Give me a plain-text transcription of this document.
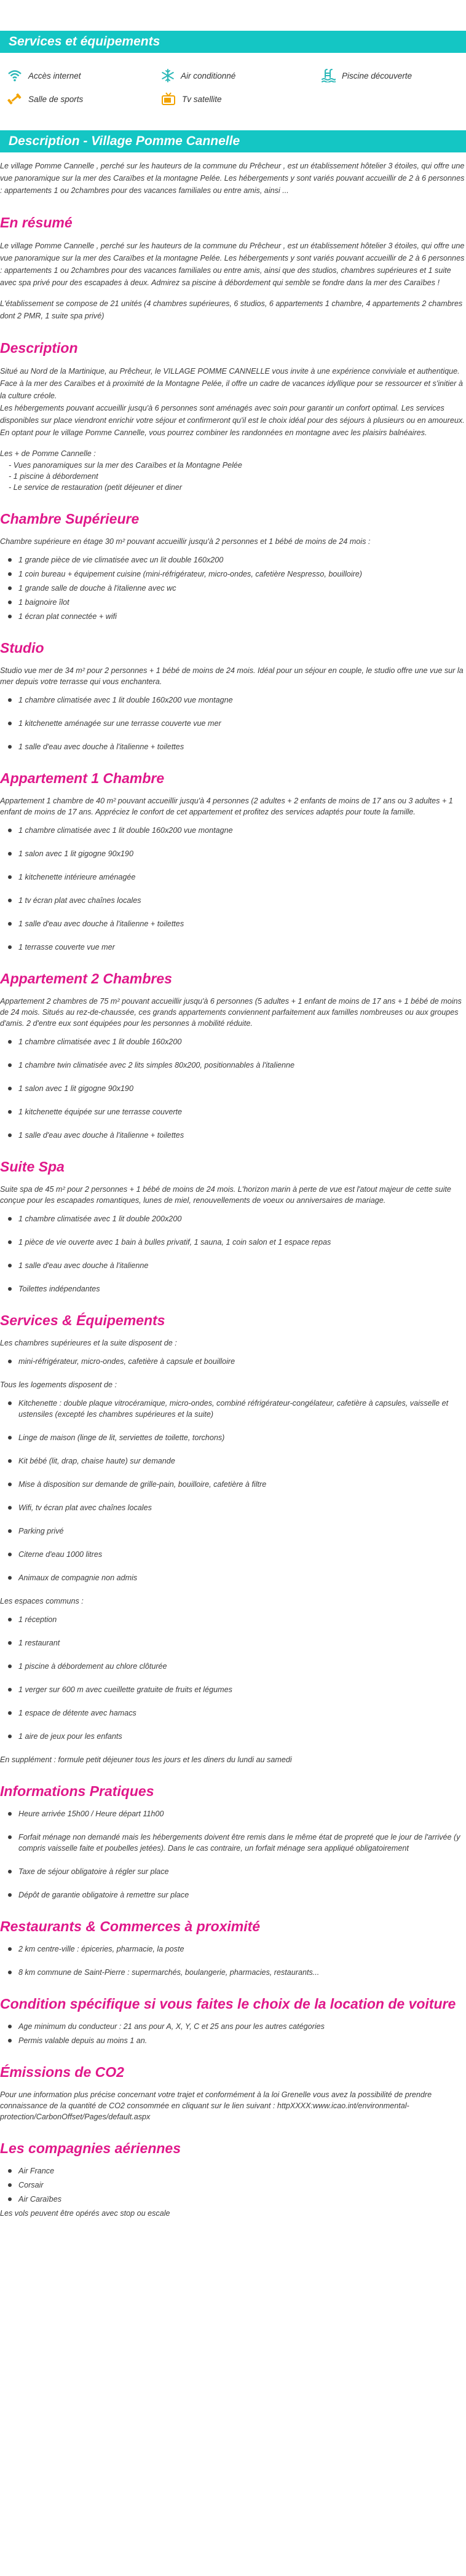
Services et équipements
Accès internet	Air conditionné	Piscine découverte
Salle de sports	Tv satellite
Description - Village Pomme Cannelle

Le village Pomme Cannelle , perché sur les hauteurs de la commune du Prêcheur , est un établissement hôtelier 3 étoiles, qui offre une vue panoramique sur la mer des Caraïbes et la montagne Pelée. Les hébergements y sont variés pouvant accueillir de 2 à 6 personnes : appartements 1 ou 2chambres pour des vacances familiales ou entre amis, ainsi ...

En résumé

Le village Pomme Cannelle , perché sur les hauteurs de la commune du Prêcheur , est un établissement hôtelier 3 étoiles, qui offre une vue panoramique sur la mer des Caraïbes et la montagne Pelée. Les hébergements y sont variés pouvant accueillir de 2 à 6 personnes : appartements 1 ou 2chambres pour des vacances familiales ou entre amis, ainsi que des studios, chambres supérieures et 1 suite avec spa privé pour des escapades à deux. Admirez sa piscine à débordement qui semble se fondre dans la mer des Caraïbes !

L'établissement se compose de 21 unités (4 chambres supérieures, 6 studios, 6 appartements 1 chambre, 4 appartements 2 chambres dont 2 PMR, 1 suite spa privé)

Description

Situé au Nord de la Martinique, au Prêcheur, le VILLAGE POMME CANNELLE vous invite à une expérience conviviale et authentique. Face à la mer des Caraïbes et à proximité de la Montagne Pelée, il offre un cadre de vacances idyllique pour se ressourcer et s'initier à la culture créole.

Les hébergements pouvant accueillir jusqu'à 6 personnes sont aménagés avec soin pour garantir un confort optimal. Les services disponibles sur place viendront enrichir votre séjour et confirmeront qu'il est le choix idéal pour des séjours à plusieurs ou en amoureux. En optant pour le village Pomme Cannelle, vous pourrez combiner les randonnées en montagne avec les plaisirs balnéaires.

Les + de Pomme Cannelle :

- Vues panoramiques sur la mer des Caraïbes et la Montagne Pelée
- 1 piscine à débordement
- Le service de restauration (petit déjeuner et diner
Chambre Supérieure

Chambre supérieure en étage 30 m² pouvant accueillir jusqu'à 2 personnes et 1 bébé de moins de 24 mois :

1 grande pièce de vie climatisée avec un lit double 160x200
1 coin bureau + équipement cuisine (mini-réfrigérateur, micro-ondes, cafetière Nespresso, bouilloire)
1 grande salle de douche à l'italienne avec wc
1 baignoire îlot
1 écran plat connectée + wifi
Studio

Studio vue mer de 34 m² pour 2 personnes + 1 bébé de moins de 24 mois. Idéal pour un séjour en couple, le studio offre une vue sur la mer depuis votre terrasse qui vous enchantera.

1 chambre climatisée avec 1 lit double 160x200 vue montagne
1 kitchenette aménagée sur une terrasse couverte vue mer
1 salle d'eau avec douche à l'italienne + toilettes
Appartement 1 Chambre

Appartement 1 chambre de 40 m² pouvant accueillir jusqu'à 4 personnes (2 adultes + 2 enfants de moins de 17 ans ou 3 adultes + 1 enfant de moins de 17 ans. Appréciez le confort de cet appartement et profitez des services adaptés pour toute la famille.

1 chambre climatisée avec 1 lit double 160x200 vue montagne
1 salon avec 1 lit gigogne 90x190
1 kitchenette intérieure aménagée
1 tv écran plat avec chaînes locales
1 salle d'eau avec douche à l'italienne + toilettes
1 terrasse couverte vue mer
Appartement 2 Chambres

Appartement 2 chambres de 75 m² pouvant accueillir jusqu'à 6 personnes (5 adultes + 1 enfant de moins de 17 ans + 1 bébé de moins de 24 mois. Situés au rez-de-chaussée, ces grands appartements conviennent parfaitement aux familles nombreuses ou aux groupes d'amis. 2 d'entre eux sont équipées pour les personnes à mobilité réduite.

1 chambre climatisée avec 1 lit double 160x200
1 chambre twin climatisée avec 2 lits simples 80x200, positionnables à l'italienne
1 salon avec 1 lit gigogne 90x190
1 kitchenette équipée sur une terrasse couverte
1 salle d'eau avec douche à l'italienne + toilettes
Suite Spa

Suite spa de 45 m² pour 2 personnes + 1 bébé de moins de 24 mois. L'horizon marin à perte de vue est l'atout majeur de cette suite conçue pour les escapades romantiques, lunes de miel, renouvellements de voeux ou anniversaires de mariage.

1 chambre climatisée avec 1 lit double 200x200
1 pièce de vie ouverte avec 1 bain à bulles privatif, 1 sauna, 1 coin salon et 1 espace repas
1 salle d'eau avec douche à l'italienne
Toilettes indépendantes
Services & Équipements

Les chambres supérieures et la suite disposent de :

mini-réfrigérateur, micro-ondes, cafetière à capsule et bouilloire

Tous les logements disposent de :

Kitchenette : double plaque vitrocéramique, micro-ondes, combiné réfrigérateur-congélateur, cafetière à capsules, vaisselle et ustensiles (excepté les chambres supérieures et la suite)
Linge de maison (linge de lit, serviettes de toilette, torchons)
Kit bébé (lit, drap, chaise haute) sur demande
Mise à disposition sur demande de grille-pain, bouilloire, cafetière à filtre
Wifi, tv écran plat avec chaînes locales
Parking privé
Citerne d'eau 1000 litres
Animaux de compagnie non admis

Les espaces communs :

1 réception
1 restaurant
1 piscine à débordement au chlore clôturée
1 verger sur 600 m avec cueillette gratuite de fruits et légumes
1 espace de détente avec hamacs
1 aire de jeux pour les enfants

En supplément : formule petit déjeuner tous les jours et les diners du lundi au samedi

Informations Pratiques
Heure arrivée 15h00 / Heure départ 11h00
Forfait ménage non demandé mais les hébergements doivent être remis dans le même état de propreté que le jour de l'arrivée (y compris vaisselle faite et poubelles jetées). Dans le cas contraire, un forfait ménage sera appliqué obligatoirement
Taxe de séjour obligatoire à régler sur place
Dépôt de garantie obligatoire à remettre sur place
Restaurants & Commerces à proximité
2 km centre-ville : épiceries, pharmacie, la poste
8 km commune de Saint-Pierre : supermarchés, boulangerie, pharmacies, restaurants...
Condition spécifique si vous faites le choix de la location de voiture
Age minimum du conducteur : 21 ans pour A, X, Y, C et 25 ans pour les autres catégories
Permis valable depuis au moins 1 an.
Émissions de CO2

Pour une information plus précise concernant votre trajet et conformément à la loi Grenelle vous avez la possibilité de prendre connaissance de la quantité de CO2 consommée en cliquant sur le lien suivant : httpXXXX:www.icao.int/environmental-protection/CarbonOffset/Pages/default.aspx

Les compagnies aériennes
Air France
Corsair
Air Caraïbes

Les vols peuvent être opérés avec stop ou escale
